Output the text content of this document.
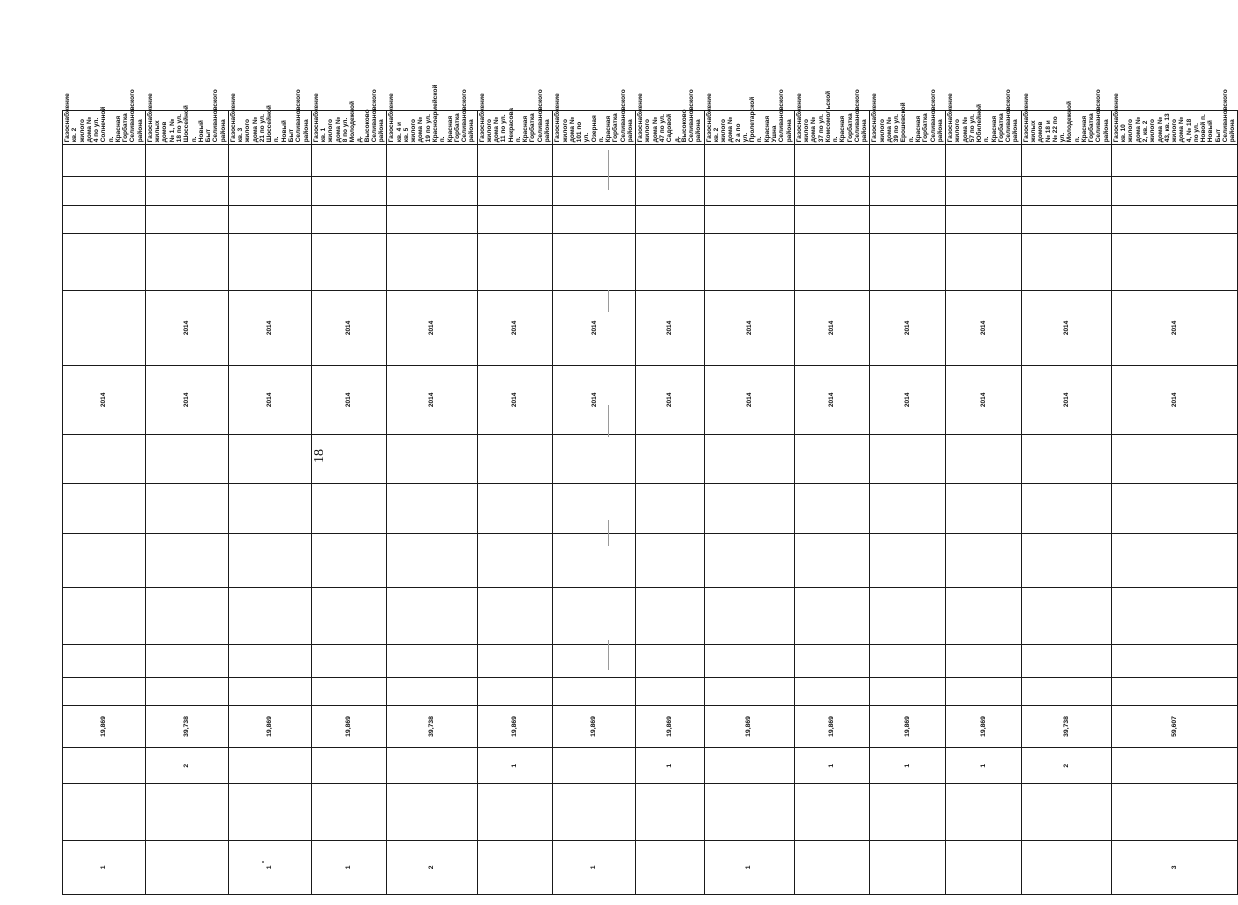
18
1			19,869							2014						Газоснабжение кв. 2 жилого дома № 4 по ул. Солнечной п. Красная Горбатка Селивановского района
		2	39,738							2014	2014					Газоснабжение жилых домов № 1, № 18 по ул. Шоссейной п. Новый Быт Селивановского района
1			19,869							2014	2014					Газоснабжение кв. 3 жилого дома № 21 по ул. Шоссейной п. Новый Быт Селивановского района
1			19,869							2014	2014					Газоснабжение кв. 1 жилого дома № 8 по ул. Молодежной д. Высоково Селивановского района
2			39,738							2014	2014					Газоснабжение кв. 4 и кв. 5 жилого дома № 19 по ул. Красноармейской п. Красная Горбатка Селивановского района
		1	19,869							2014	2014					Газоснабжение жилого дома № 11 по ул. Некрасова п. Красная Горбатка Селивановского района
1			19,869							2014	2014					Газоснабжение жилого дома № 101 по ул. Озерная п. Красная Горбатка Селивановского района
		1	19,869							2014	2014					Газоснабжение жилого дома № 47 по ул. Садовой д. Высоково Селивановского района
1			19,869							2014	2014					Газоснабжение кв. 2 жилого дома № 2 а по ул. Пролетарской п. Красная Ушна Селивановского района
		1	19,869							2014	2014					Газоснабжение жилого дома № 37 по ул. Комсомольской п. Красная Горбатка Селивановского района
		1	19,869							2014	2014					Газоснабжение жилого дома № 39 по ул. Ерошевской п. Красная Горбатка Селивановского района
		1	19,869							2014	2014					Газоснабжение жилого дома № 57 по ул. Юбилейной п. Красная Горбатка Селивановского района
		2	39,738							2014	2014					Газоснабжение жилых домов № 18 и № 22 по ул. Молодежной п. Красная Горбатка Селивановского района
3			59,607							2014	2014					Газоснабжение кв. 10 жилого дома № 2, кв. 2 жилого дома № 43, кв. 13 жилого дома № 4, № 18 по ул. Новой п. Новый Быт Селивановского района
